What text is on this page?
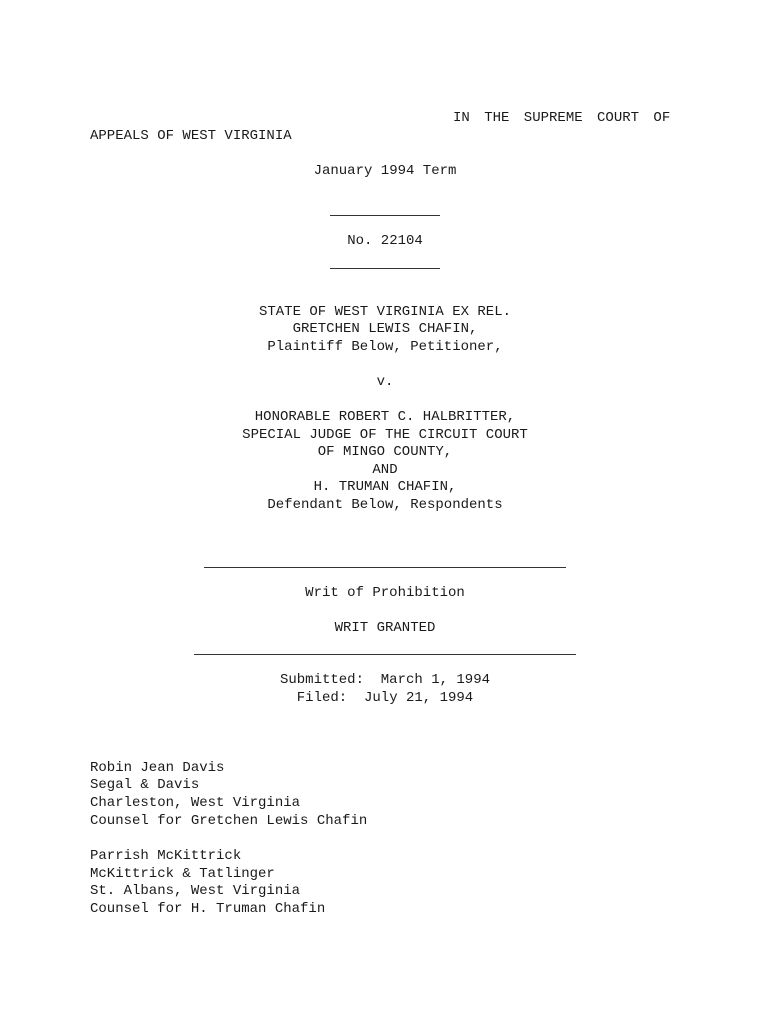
IN THE SUPREME COURT OF
APPEALS OF WEST VIRGINIA
January 1994 Term
No. 22104
STATE OF WEST VIRGINIA EX REL.
GRETCHEN LEWIS CHAFIN,
Plaintiff Below, Petitioner,
v.
HONORABLE ROBERT C. HALBRITTER,
SPECIAL JUDGE OF THE CIRCUIT COURT
OF MINGO COUNTY,
AND
H. TRUMAN CHAFIN,
Defendant Below, Respondents
Writ of Prohibition
WRIT GRANTED
Submitted:  March 1, 1994
Filed:  July 21, 1994
Robin Jean Davis
Segal & Davis
Charleston, West Virginia
Counsel for Gretchen Lewis Chafin
Parrish McKittrick
McKittrick & Tatlinger
St. Albans, West Virginia
Counsel for H. Truman Chafin
